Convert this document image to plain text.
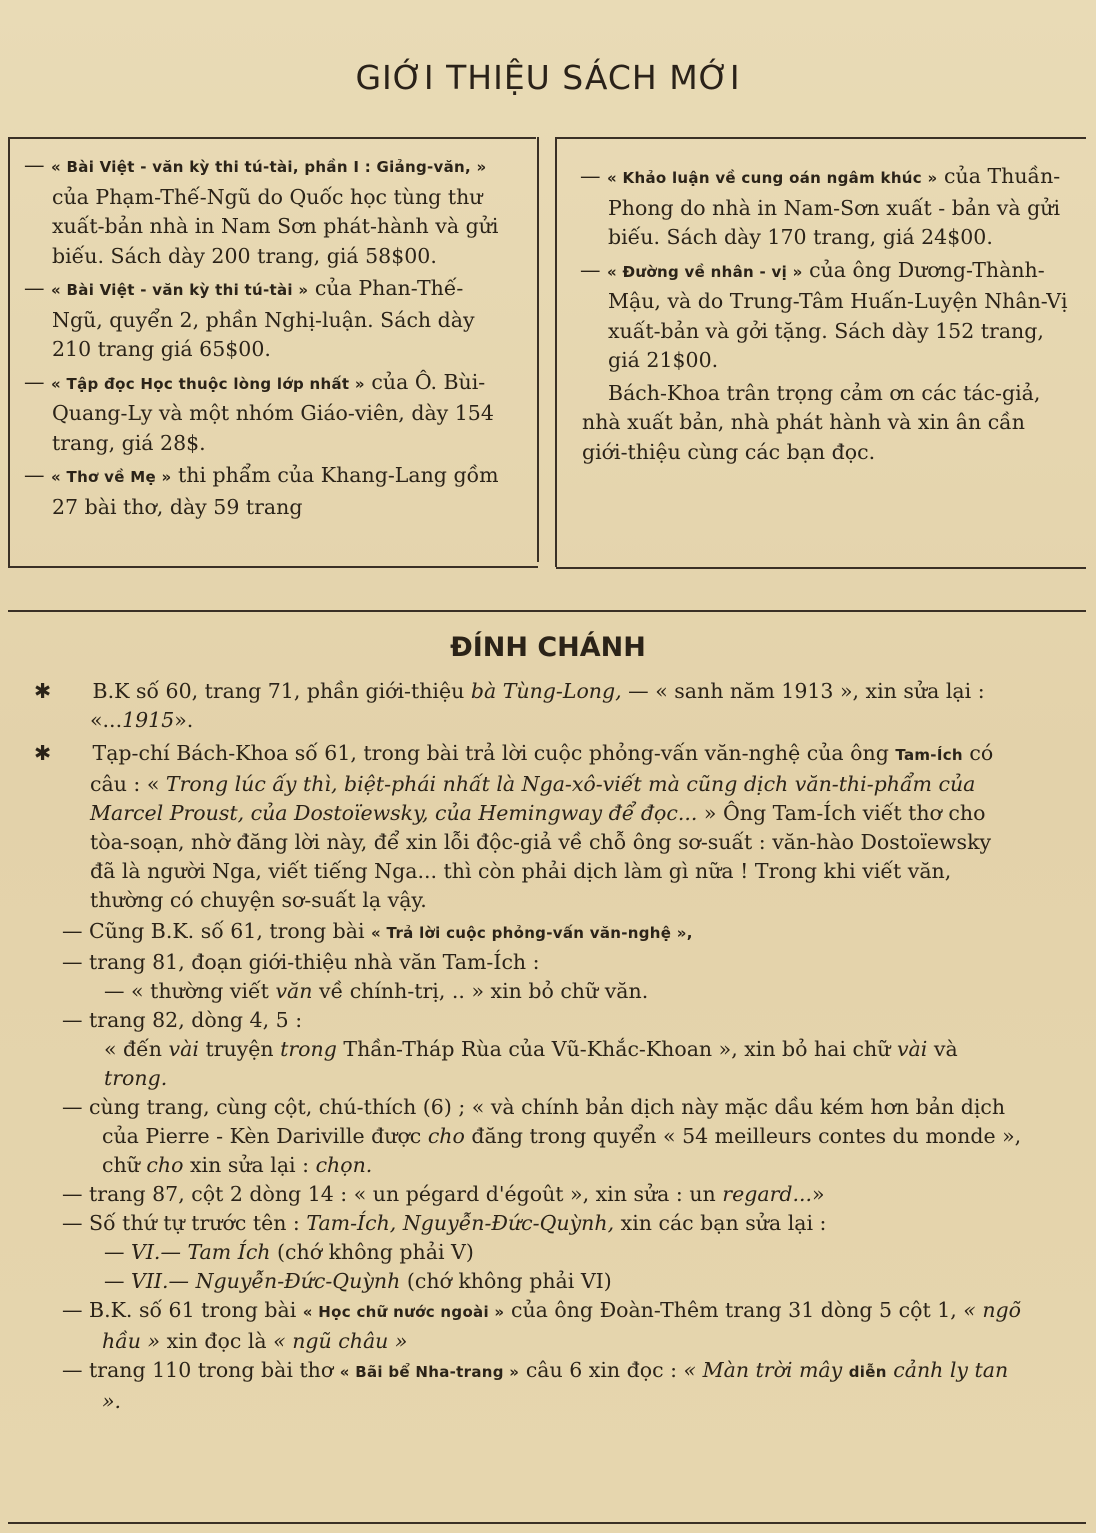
GIỚI THIỆU SÁCH MỚI

— « Bài Việt - văn kỳ thi tú-tài, phần I : Giảng-văn, » của Phạm-Thế-Ngũ do Quốc học tùng thư xuất-bản nhà in Nam Sơn phát-hành và gửi biếu. Sách dày 200 trang, giá 58$00.

— « Bài Việt - văn kỳ thi tú-tài » của Phan-Thế-Ngũ, quyển 2, phần Nghị-luận. Sách dày 210 trang giá 65$00.

— « Tập đọc Học thuộc lòng lớp nhất » của Ô. Bùi-Quang-Ly và một nhóm Giáo-viên, dày 154 trang, giá 28$.

— « Thơ về Mẹ » thi phẩm của Khang-Lang gồm 27 bài thơ, dày 59 trang

— « Khảo luận về cung oán ngâm khúc » của Thuần-Phong do nhà in Nam-Sơn xuất - bản và gửi biếu. Sách dày 170 trang, giá 24$00.

— « Đường về nhân - vị » của ông Dương-Thành-Mậu, và do Trung-Tâm Huấn-Luyện Nhân-Vị xuất-bản và gởi tặng. Sách dày 152 trang, giá 21$00.

Bách-Khoa trân trọng cảm ơn các tác-giả, nhà xuất bản, nhà phát hành và xin ân cần giới-thiệu cùng các bạn đọc.

ĐÍNH CHÁNH

✱ B.K số 60, trang 71, phần giới-thiệu bà Tùng-Long, — « sanh năm 1913 », xin sửa lại : «...1915».

✱ Tạp-chí Bách-Khoa số 61, trong bài trả lời cuộc phỏng-vấn văn-nghệ của ông Tam-Ích có câu : « Trong lúc ấy thì, biệt-phái nhất là Nga-xô-viết mà cũng dịch văn-thi-phẩm của Marcel Proust, của Dostoïewsky, của Hemingway để đọc... » Ông Tam-Ích viết thơ cho tòa-soạn, nhờ đăng lời này, để xin lỗi độc-giả về chỗ ông sơ-suất : văn-hào Dostoïewsky đã là người Nga, viết tiếng Nga... thì còn phải dịch làm gì nữa ! Trong khi viết văn, thường có chuyện sơ-suất lạ vậy.

— Cũng B.K. số 61, trong bài « Trả lời cuộc phỏng-vấn văn-nghệ »,

— trang 81, đoạn giới-thiệu nhà văn Tam-Ích :

— « thường viết văn về chính-trị, .. » xin bỏ chữ văn.

— trang 82, dòng 4, 5 :

« đến vài truyện trong Thần-Tháp Rùa của Vũ-Khắc-Khoan », xin bỏ hai chữ vài và trong.

— cùng trang, cùng cột, chú-thích (6) ; « và chính bản dịch này mặc dầu kém hơn bản dịch của Pierre - Kèn Dariville được cho đăng trong quyển « 54 meilleurs contes du monde », chữ cho xin sửa lại : chọn.

— trang 87, cột 2 dòng 14 : « un pégard d'égoût », xin sửa : un regard...»

— Số thứ tự trước tên : Tam-Ích, Nguyễn-Đức-Quỳnh, xin các bạn sửa lại :

— VI.— Tam Ích (chớ không phải V)

— VII.— Nguyễn-Đức-Quỳnh (chớ không phải VI)

— B.K. số 61 trong bài « Học chữ nước ngoài » của ông Đoàn-Thêm trang 31 dòng 5 cột 1, « ngõ hầu » xin đọc là « ngũ châu »

— trang 110 trong bài thơ « Bãi bể Nha-trang » câu 6 xin đọc : « Màn trời mây diễn cảnh ly tan ».
